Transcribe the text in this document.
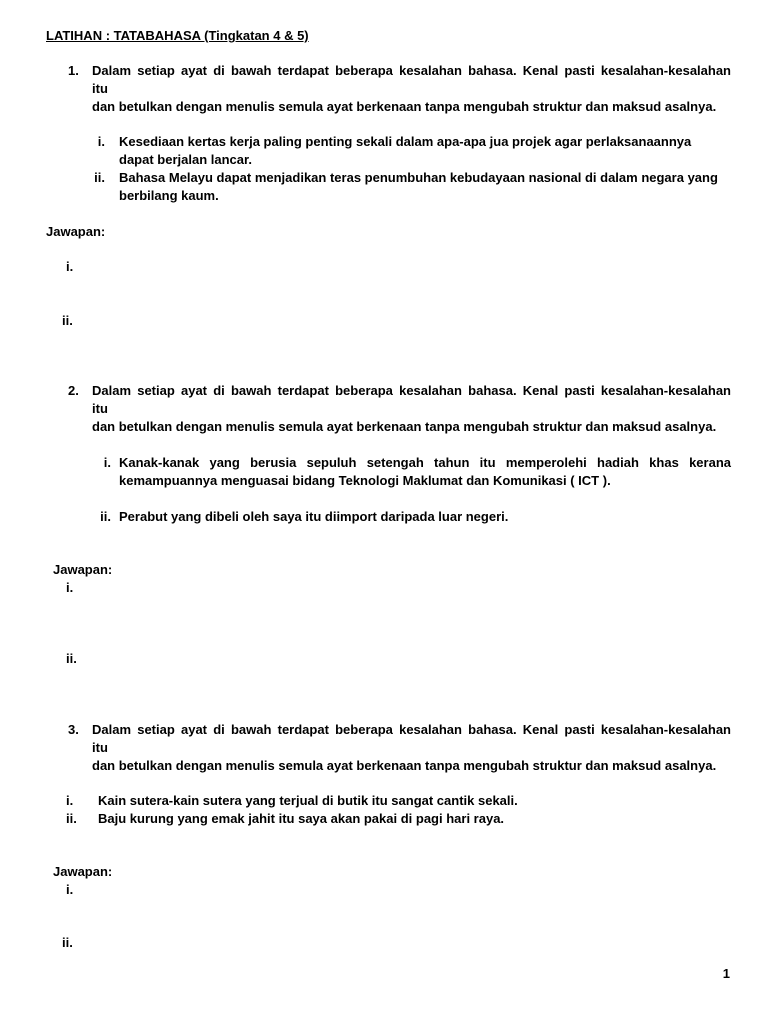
LATIHAN : TATABAHASA (Tingkatan 4 & 5)
1. Dalam setiap ayat di bawah terdapat beberapa kesalahan bahasa. Kenal pasti kesalahan-kesalahan
itu
dan betulkan dengan menulis semula ayat berkenaan tanpa mengubah struktur dan maksud asalnya.
i. Kesediaan kertas kerja paling penting sekali dalam apa-apa jua projek agar perlaksanaannya
dapat berjalan lancar.
ii. Bahasa Melayu dapat menjadikan teras penumbuhan kebudayaan nasional di dalam negara yang
berbilang kaum.
Jawapan:
i.
ii.
2. Dalam setiap ayat di bawah terdapat beberapa kesalahan bahasa. Kenal pasti kesalahan-kesalahan
itu
dan betulkan dengan menulis semula ayat berkenaan tanpa mengubah struktur dan maksud asalnya.
i. Kanak-kanak yang berusia sepuluh setengah tahun itu memperolehi hadiah khas kerana
kemampuannya menguasai bidang Teknologi Maklumat dan Komunikasi ( ICT ).
ii. Perabut yang dibeli oleh saya itu diimport daripada luar negeri.
Jawapan:
i.
ii.
3. Dalam setiap ayat di bawah terdapat beberapa kesalahan bahasa. Kenal pasti kesalahan-kesalahan
itu
dan betulkan dengan menulis semula ayat berkenaan tanpa mengubah struktur dan maksud asalnya.
i. Kain sutera-kain sutera yang terjual di butik itu sangat cantik sekali.
ii. Baju kurung yang emak jahit itu saya akan pakai di pagi hari raya.
Jawapan:
i.
ii.
1
